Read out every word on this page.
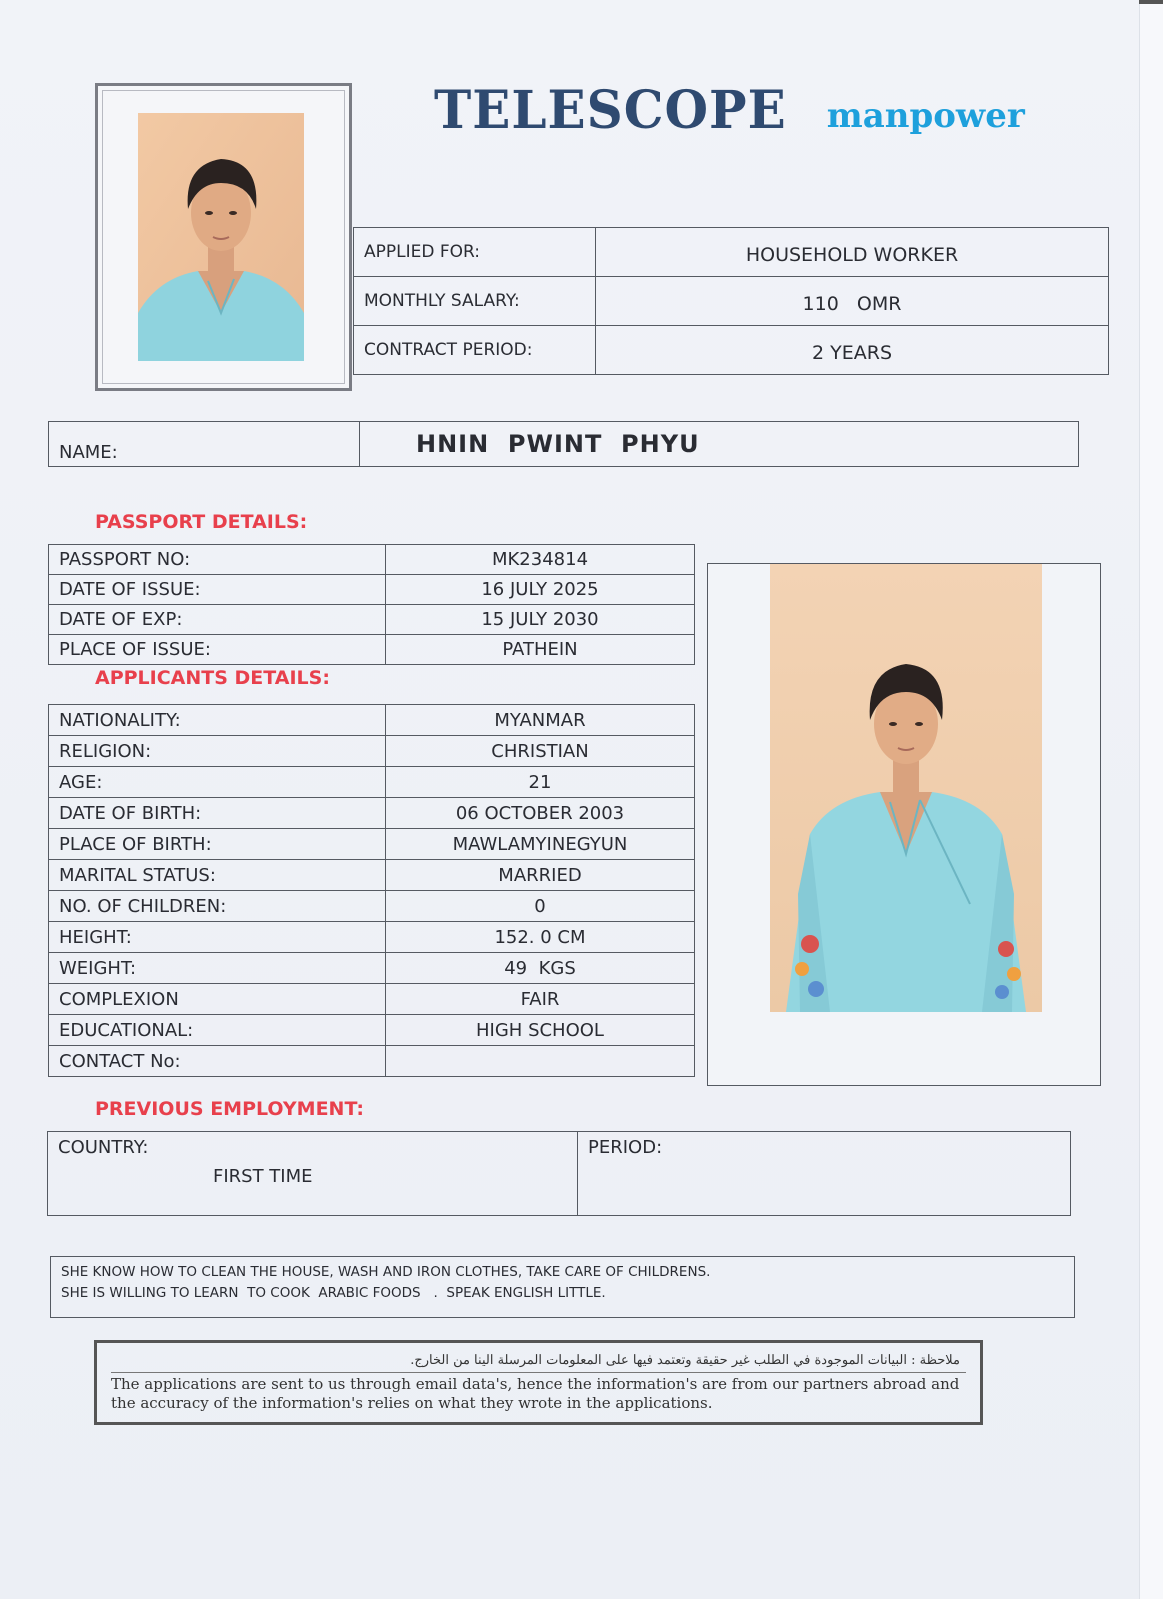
TELESCOPE manpower
APPLIED FOR:	HOUSEHOLD WORKER
MONTHLY SALARY:	110   OMR
CONTRACT PERIOD:	2 YEARS
NAME:	HNIN  PWINT  PHYU
PASSPORT DETAILS:
PASSPORT NO:	MK234814
DATE OF ISSUE:	16 JULY 2025
DATE OF EXP:	15 JULY 2030
PLACE OF ISSUE:	PATHEIN
APPLICANTS DETAILS:
NATIONALITY:	MYANMAR
RELIGION:	CHRISTIAN
AGE:	21
DATE OF BIRTH:	06 OCTOBER 2003
PLACE OF BIRTH:	MAWLAMYINEGYUN
MARITAL STATUS:	MARRIED
NO. OF CHILDREN:	0
HEIGHT:	152. 0 CM
WEIGHT:	49  KGS
COMPLEXION	FAIR
EDUCATIONAL:	HIGH SCHOOL
CONTACT No:	
PREVIOUS EMPLOYMENT:
COUNTRY:
FIRST TIME

PERIOD:
SHE KNOW HOW TO CLEAN THE HOUSE, WASH AND IRON CLOTHES, TAKE CARE OF CHILDRENS.
SHE IS WILLING TO LEARN  TO COOK  ARABIC FOODS   .  SPEAK ENGLISH LITTLE.
ملاحظة : البيانات الموجودة في الطلب غير حقيقة وتعتمد فيها على المعلومات المرسلة الينا من الخارج.
The applications are sent to us through email data's, hence the information's are from our partners abroad and the accuracy of the information's relies on what they wrote in the applications.
